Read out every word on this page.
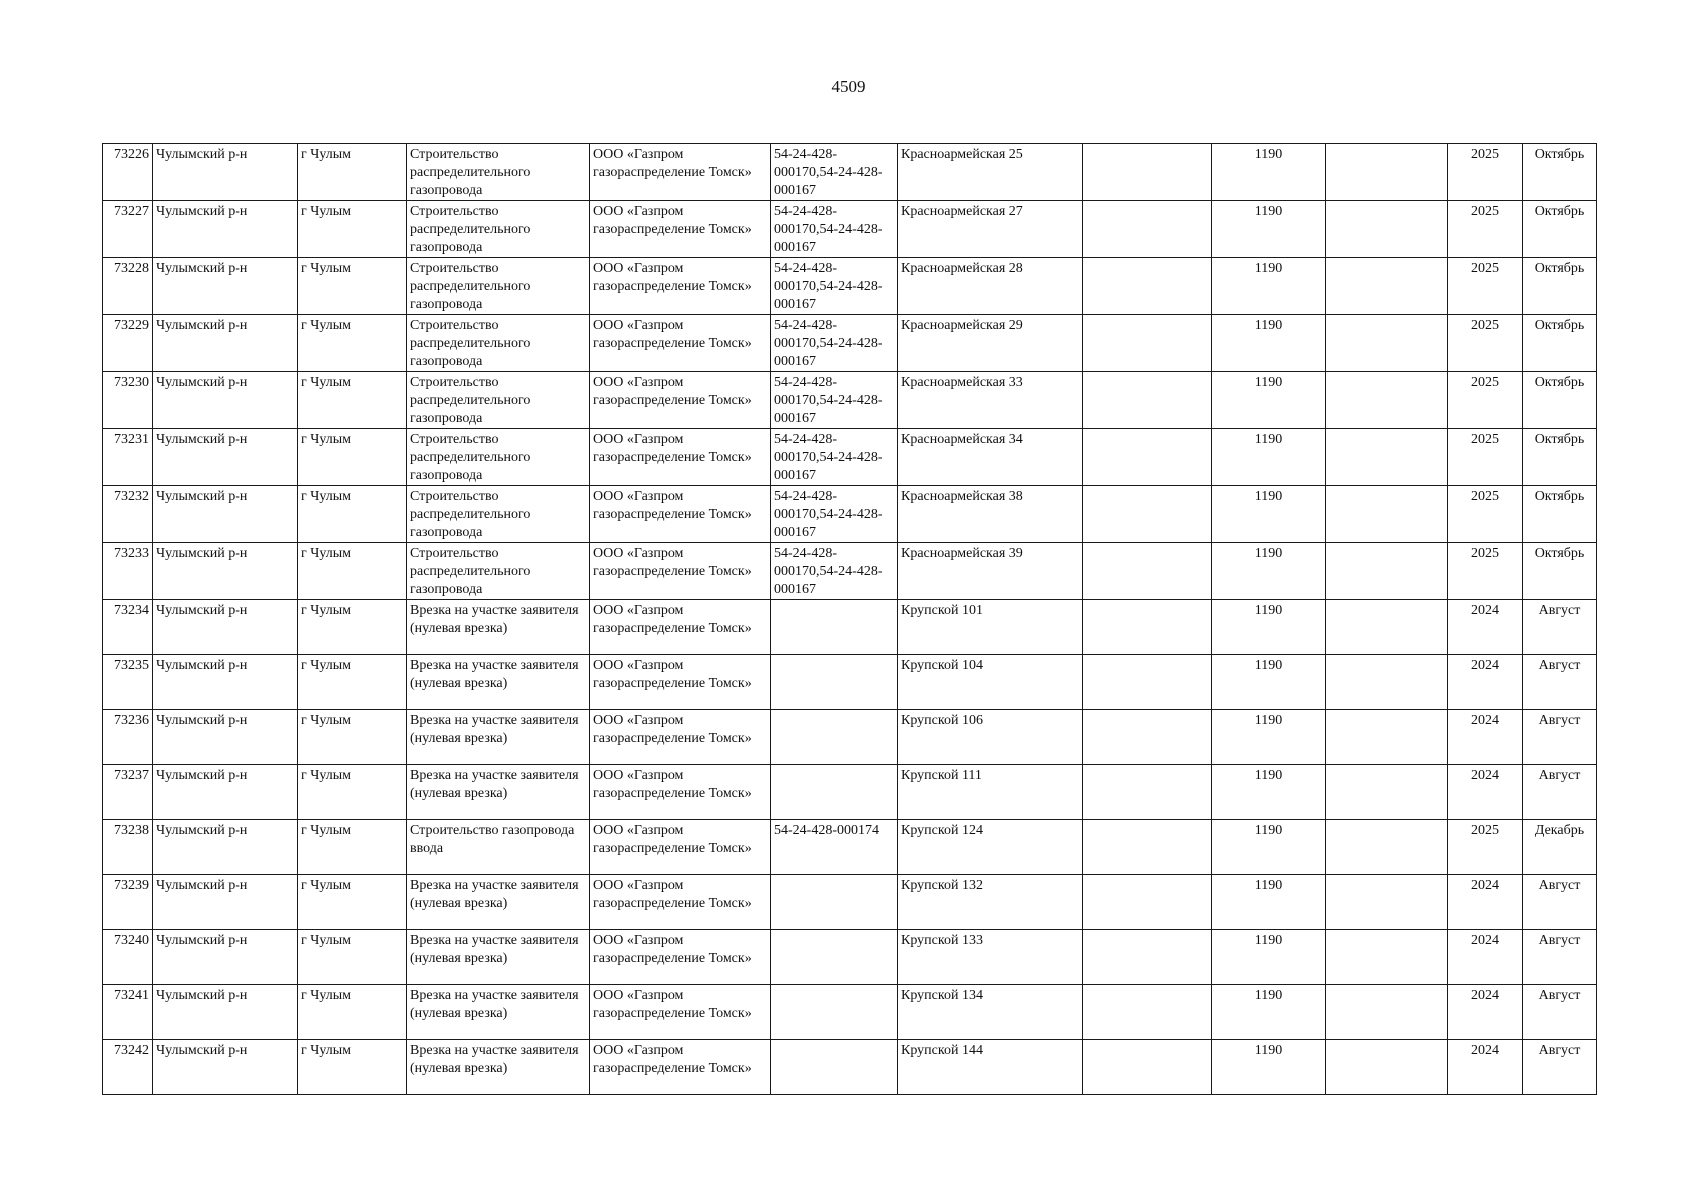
4509
73226	Чулымский р-н	г Чулым	Строительство распределительного газопровода	ООО «Газпром газораспределение Томск»	54-24-428-000170,54-24-428-000167	Красноармейская 25		1190		2025	Октябрь
73227	Чулымский р-н	г Чулым	Строительство распределительного газопровода	ООО «Газпром газораспределение Томск»	54-24-428-000170,54-24-428-000167	Красноармейская 27		1190		2025	Октябрь
73228	Чулымский р-н	г Чулым	Строительство распределительного газопровода	ООО «Газпром газораспределение Томск»	54-24-428-000170,54-24-428-000167	Красноармейская 28		1190		2025	Октябрь
73229	Чулымский р-н	г Чулым	Строительство распределительного газопровода	ООО «Газпром газораспределение Томск»	54-24-428-000170,54-24-428-000167	Красноармейская 29		1190		2025	Октябрь
73230	Чулымский р-н	г Чулым	Строительство распределительного газопровода	ООО «Газпром газораспределение Томск»	54-24-428-000170,54-24-428-000167	Красноармейская 33		1190		2025	Октябрь
73231	Чулымский р-н	г Чулым	Строительство распределительного газопровода	ООО «Газпром газораспределение Томск»	54-24-428-000170,54-24-428-000167	Красноармейская 34		1190		2025	Октябрь
73232	Чулымский р-н	г Чулым	Строительство распределительного газопровода	ООО «Газпром газораспределение Томск»	54-24-428-000170,54-24-428-000167	Красноармейская 38		1190		2025	Октябрь
73233	Чулымский р-н	г Чулым	Строительство распределительного газопровода	ООО «Газпром газораспределение Томск»	54-24-428-000170,54-24-428-000167	Красноармейская 39		1190		2025	Октябрь
73234	Чулымский р-н	г Чулым	Врезка на участке заявителя (нулевая врезка)	ООО «Газпром газораспределение Томск»		Крупской 101		1190		2024	Август
73235	Чулымский р-н	г Чулым	Врезка на участке заявителя (нулевая врезка)	ООО «Газпром газораспределение Томск»		Крупской 104		1190		2024	Август
73236	Чулымский р-н	г Чулым	Врезка на участке заявителя (нулевая врезка)	ООО «Газпром газораспределение Томск»		Крупской 106		1190		2024	Август
73237	Чулымский р-н	г Чулым	Врезка на участке заявителя (нулевая врезка)	ООО «Газпром газораспределение Томск»		Крупской 111		1190		2024	Август
73238	Чулымский р-н	г Чулым	Строительство газопровода ввода	ООО «Газпром газораспределение Томск»	54-24-428-000174	Крупской 124		1190		2025	Декабрь
73239	Чулымский р-н	г Чулым	Врезка на участке заявителя (нулевая врезка)	ООО «Газпром газораспределение Томск»		Крупской 132		1190		2024	Август
73240	Чулымский р-н	г Чулым	Врезка на участке заявителя (нулевая врезка)	ООО «Газпром газораспределение Томск»		Крупской 133		1190		2024	Август
73241	Чулымский р-н	г Чулым	Врезка на участке заявителя (нулевая врезка)	ООО «Газпром газораспределение Томск»		Крупской 134		1190		2024	Август
73242	Чулымский р-н	г Чулым	Врезка на участке заявителя (нулевая врезка)	ООО «Газпром газораспределение Томск»		Крупской 144		1190		2024	Август
